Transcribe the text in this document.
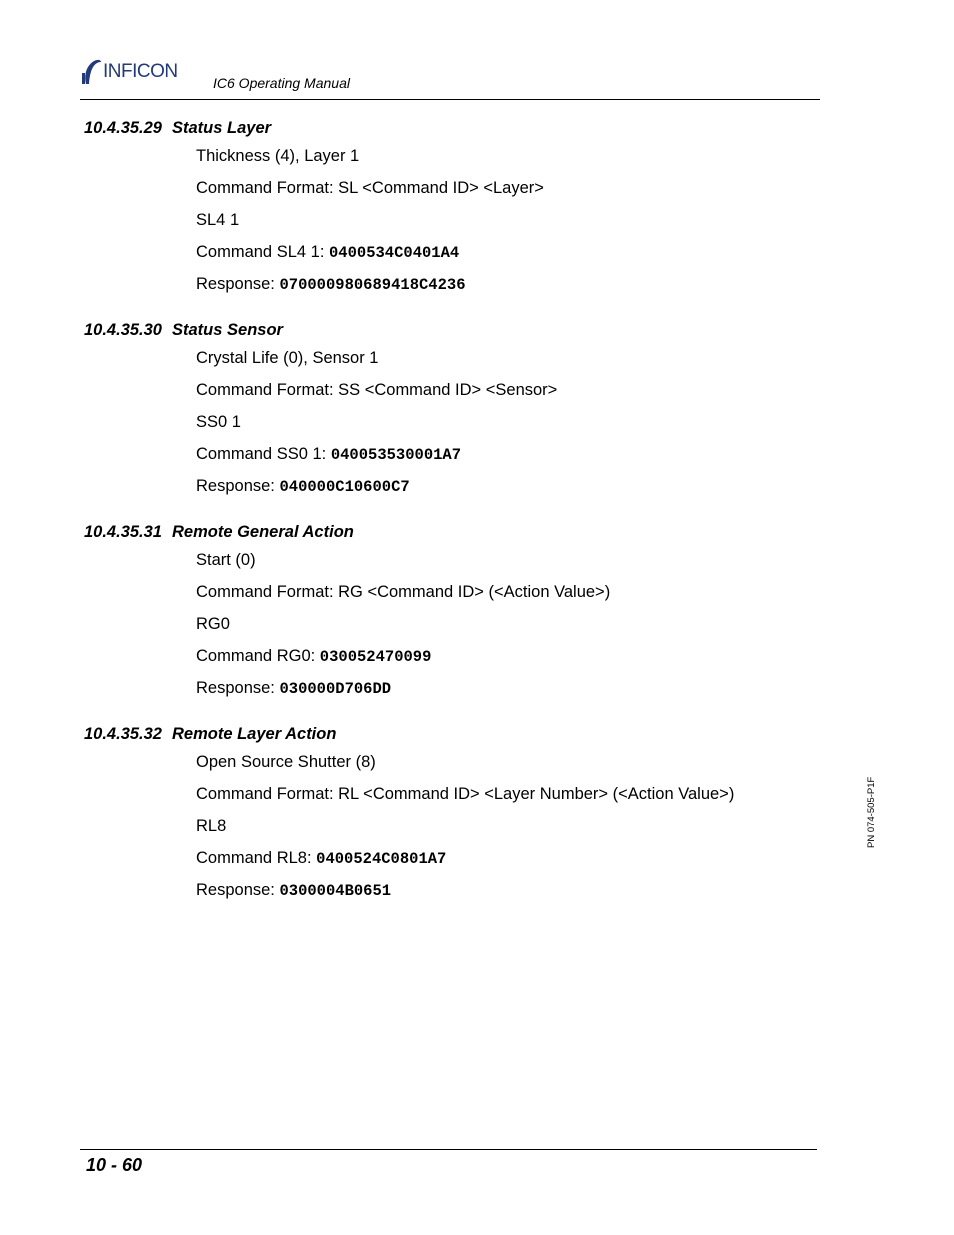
INFICON
IC6 Operating Manual
10.4.35.29 Status Layer
Thickness (4), Layer 1
Command Format: SL <Command ID> <Layer>
SL4 1
Command SL4 1: 0400534C0401A4
Response: 070000980689418C4236
10.4.35.30 Status Sensor
Crystal Life (0), Sensor 1
Command Format: SS <Command ID> <Sensor>
SS0 1
Command SS0 1: 040053530001A7
Response: 040000C10600C7
10.4.35.31 Remote General Action
Start (0)
Command Format: RG <Command ID> (<Action Value>)
RG0
Command RG0: 030052470099
Response: 030000D706DD
10.4.35.32 Remote Layer Action
Open Source Shutter (8)
Command Format: RL <Command ID> <Layer Number> (<Action Value>)
RL8
Command RL8: 0400524C0801A7
Response: 0300004B0651
PN 074-505-P1F
10 - 60
